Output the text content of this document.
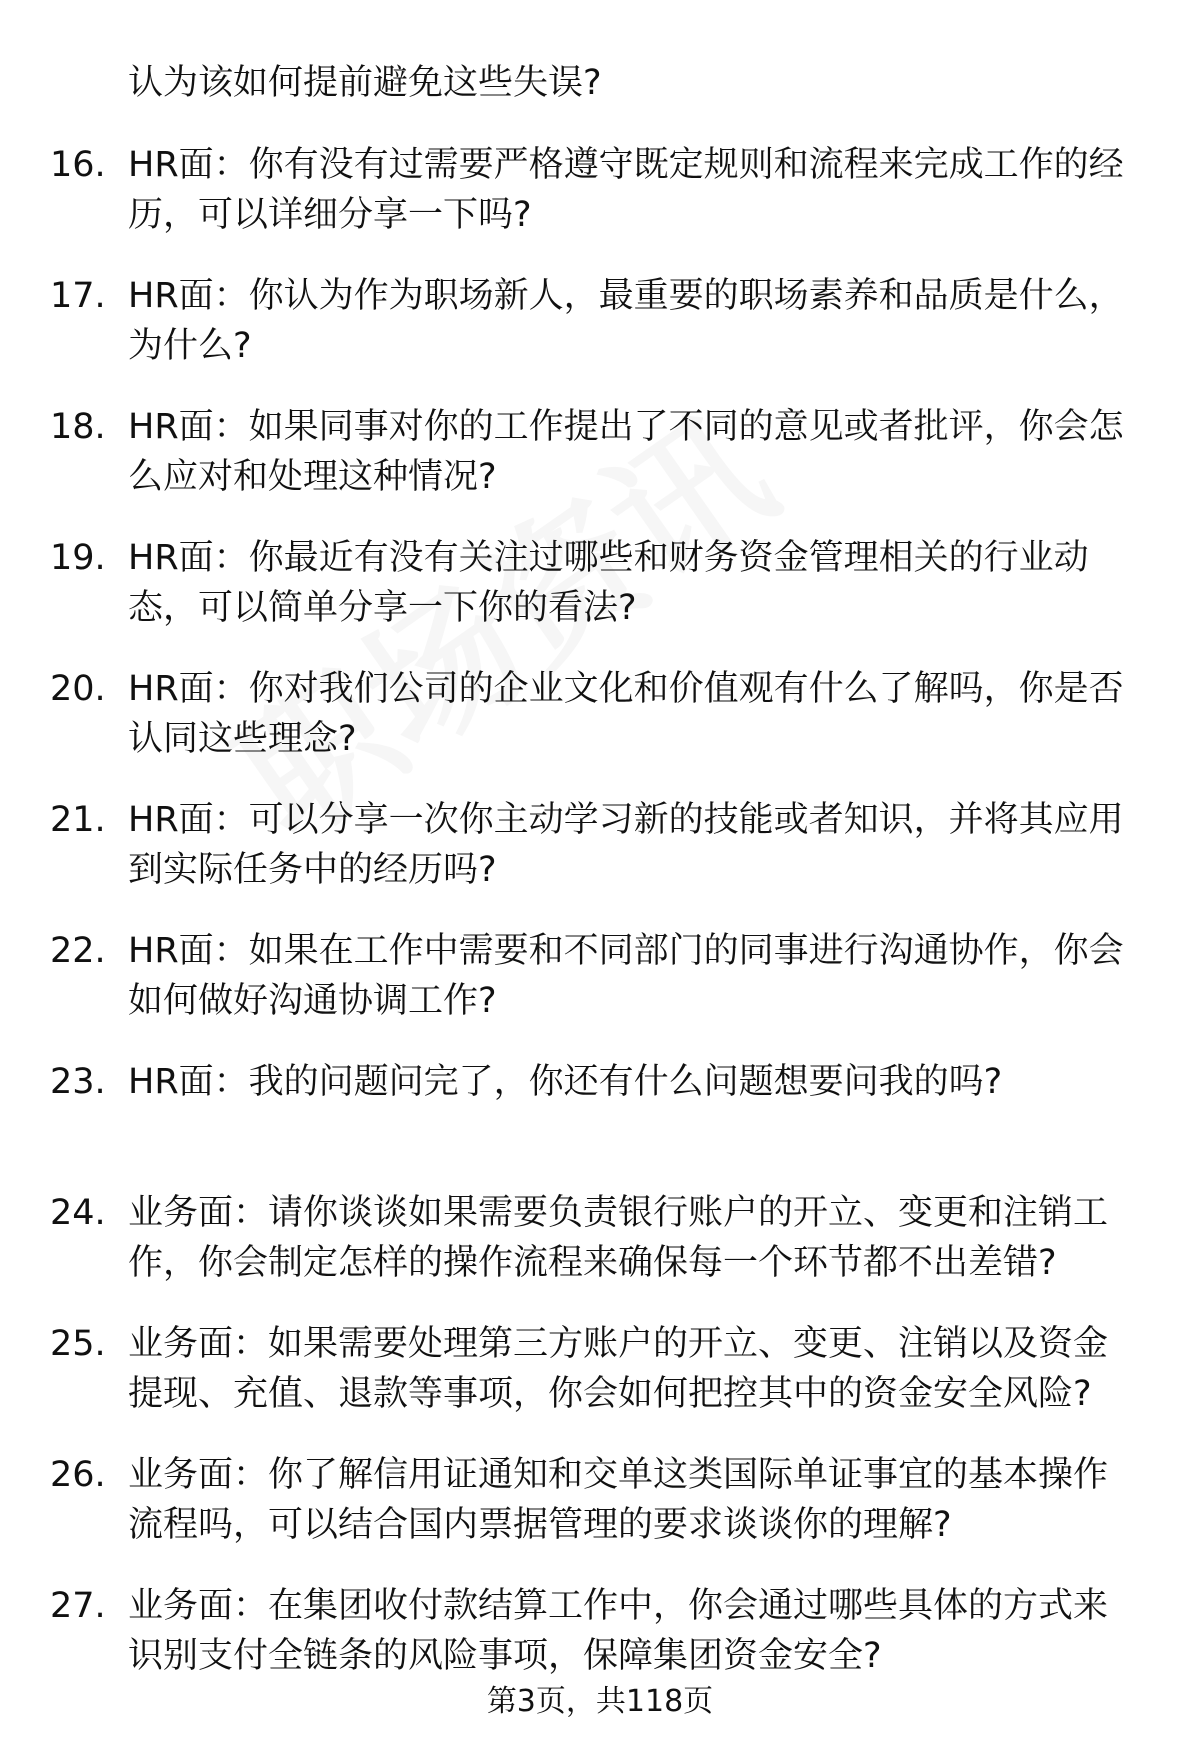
认为该如何提前避免这些失误?
16. HR面：你有没有过需要严格遵守既定规则和流程来完成工作的经
历，可以详细分享一下吗?
17. HR面：你认为作为职场新人，最重要的职场素养和品质是什么，
为什么?
18. HR面：如果同事对你的工作提出了不同的意见或者批评，你会怎
么应对和处理这种情况?
19. HR面：你最近有没有关注过哪些和财务资金管理相关的行业动
态，可以简单分享一下你的看法?
20. HR面：你对我们公司的企业文化和价值观有什么了解吗，你是否
认同这些理念?
21. HR面：可以分享一次你主动学习新的技能或者知识，并将其应用
到实际任务中的经历吗?
22. HR面：如果在工作中需要和不同部门的同事进行沟通协作，你会
如何做好沟通协调工作?
23. HR面：我的问题问完了，你还有什么问题想要问我的吗?
24. 业务面：请你谈谈如果需要负责银行账户的开立、变更和注销工
作，你会制定怎样的操作流程来确保每一个环节都不出差错?
25. 业务面：如果需要处理第三方账户的开立、变更、注销以及资金
提现、充值、退款等事项，你会如何把控其中的资金安全风险?
26. 业务面：你了解信用证通知和交单这类国际单证事宜的基本操作
流程吗，可以结合国内票据管理的要求谈谈你的理解?
27. 业务面：在集团收付款结算工作中，你会通过哪些具体的方式来
识别支付全链条的风险事项，保障集团资金安全?
第3页，共118页
